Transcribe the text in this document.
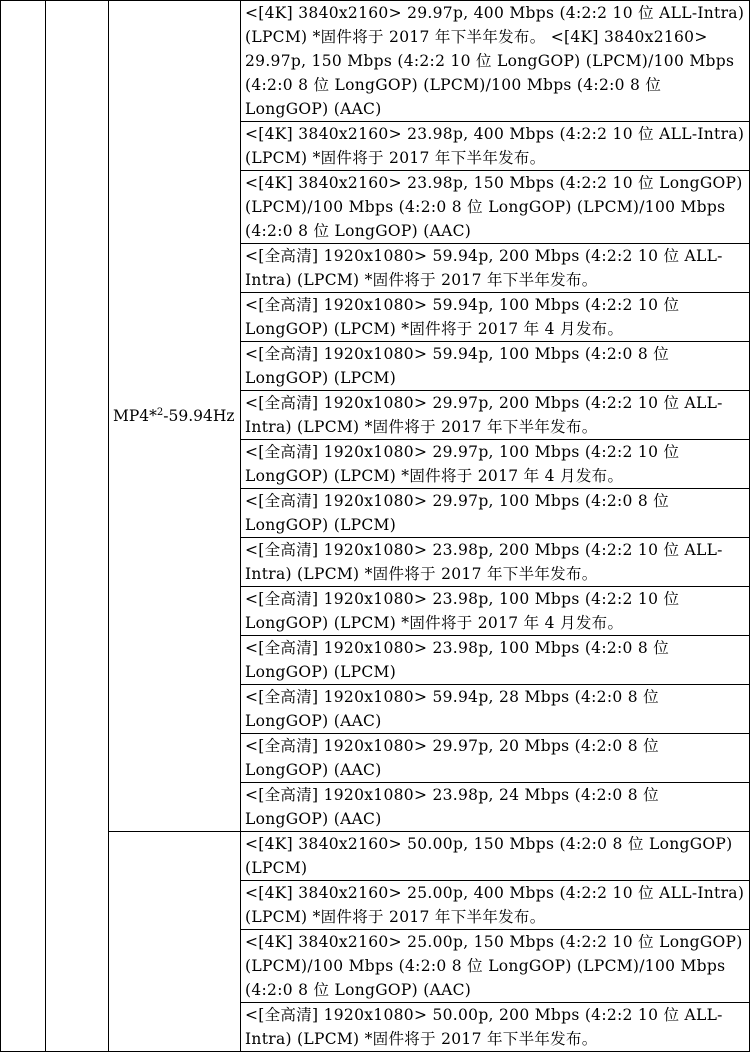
		MP4*$^2$-59.94Hz	<[4K] 3840x2160> 29.97p, 400 Mbps (4:2:2 10 位 ALL-Intra) (LPCM) *固件将于 2017 年下半年发布。 <[4K] 3840x2160> 29.97p, 150 Mbps (4:2:2 10 位 LongGOP) (LPCM)/100 Mbps (4:2:0 8 位 LongGOP) (LPCM)/100 Mbps (4:2:0 8 位 LongGOP) (AAC)
			<[4K] 3840x2160> 23.98p, 400 Mbps (4:2:2 10 位 ALL-Intra) (LPCM) *固件将于 2017 年下半年发布。
			<[4K] 3840x2160> 23.98p, 150 Mbps (4:2:2 10 位 LongGOP) (LPCM)/100 Mbps (4:2:0 8 位 LongGOP) (LPCM)/100 Mbps (4:2:0 8 位 LongGOP) (AAC)
			<[全高清] 1920x1080> 59.94p, 200 Mbps (4:2:2 10 位 ALL-Intra) (LPCM) *固件将于 2017 年下半年发布。
			<[全高清] 1920x1080> 59.94p, 100 Mbps (4:2:2 10 位 LongGOP) (LPCM) *固件将于 2017 年 4 月发布。
			<[全高清] 1920x1080> 59.94p, 100 Mbps (4:2:0 8 位 LongGOP) (LPCM)
			<[全高清] 1920x1080> 29.97p, 200 Mbps (4:2:2 10 位 ALL-Intra) (LPCM) *固件将于 2017 年下半年发布。
			<[全高清] 1920x1080> 29.97p, 100 Mbps (4:2:2 10 位 LongGOP) (LPCM) *固件将于 2017 年 4 月发布。
			<[全高清] 1920x1080> 29.97p, 100 Mbps (4:2:0 8 位 LongGOP) (LPCM)
			<[全高清] 1920x1080> 23.98p, 200 Mbps (4:2:2 10 位 ALL-Intra) (LPCM) *固件将于 2017 年下半年发布。
			<[全高清] 1920x1080> 23.98p, 100 Mbps (4:2:2 10 位 LongGOP) (LPCM) *固件将于 2017 年 4 月发布。
			<[全高清] 1920x1080> 23.98p, 100 Mbps (4:2:0 8 位 LongGOP) (LPCM)
			<[全高清] 1920x1080> 59.94p, 28 Mbps (4:2:0 8 位 LongGOP) (AAC)
			<[全高清] 1920x1080> 29.97p, 20 Mbps (4:2:0 8 位 LongGOP) (AAC)
			<[全高清] 1920x1080> 23.98p, 24 Mbps (4:2:0 8 位 LongGOP) (AAC)
			<[4K] 3840x2160> 50.00p, 150 Mbps (4:2:0 8 位 LongGOP) (LPCM)
			<[4K] 3840x2160> 25.00p, 400 Mbps (4:2:2 10 位 ALL-Intra) (LPCM) *固件将于 2017 年下半年发布。
			<[4K] 3840x2160> 25.00p, 150 Mbps (4:2:2 10 位 LongGOP) (LPCM)/100 Mbps (4:2:0 8 位 LongGOP) (LPCM)/100 Mbps (4:2:0 8 位 LongGOP) (AAC)
			<[全高清] 1920x1080> 50.00p, 200 Mbps (4:2:2 10 位 ALL-Intra) (LPCM) *固件将于 2017 年下半年发布。
